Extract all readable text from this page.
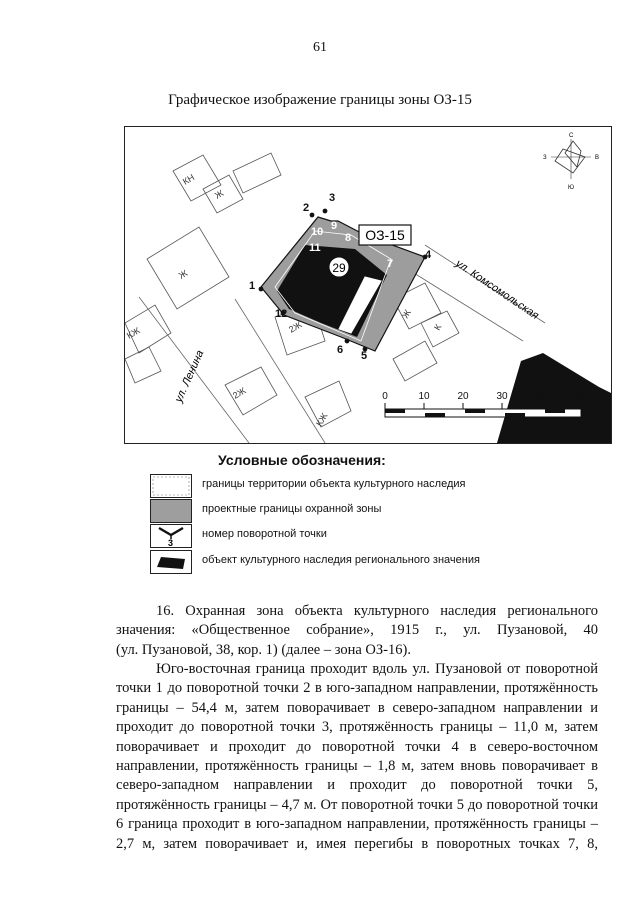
61
Графическое изображение границы зоны ОЗ-15
ОЗ-15
29
1
2
3
4
5
6
7
8
9
10
11
12
КН
Ж
Ж
КЖ	2Ж
Ж
К
2Ж
КЖ
ул. Комсомольская
ул. Ленина
С
В
Ю
З
0	10	20	30	40	50
Условные обозначения:
границы территории объекта культурного наследия
проектные границы охранной зоны
3
номер поворотной точки
объект культурного наследия регионального значения
16. Охранная зона объекта культурного наследия регионального
значения: «Общественное собрание», 1915 г., ул. Пузановой, 40
(ул. Пузановой, 38, кор. 1) (далее – зона ОЗ-16).
Юго-восточная граница проходит вдоль ул. Пузановой от поворотной
точки 1 до поворотной точки 2 в юго-западном направлении, протяжённость
границы – 54,4 м, затем поворачивает в северо-западном направлении и
проходит до поворотной точки 3, протяжённость границы – 11,0 м, затем
поворачивает и проходит до поворотной точки 4 в северо-восточном
направлении, протяжённость границы – 1,8 м, затем вновь поворачивает в
северо-западном направлении и проходит до поворотной точки 5,
протяжённость границы – 4,7 м. От поворотной точки 5 до поворотной точки
6 граница проходит в юго-западном направлении, протяжённость границы –
2,7 м, затем поворачивает и, имея перегибы в поворотных точках 7, 8,
